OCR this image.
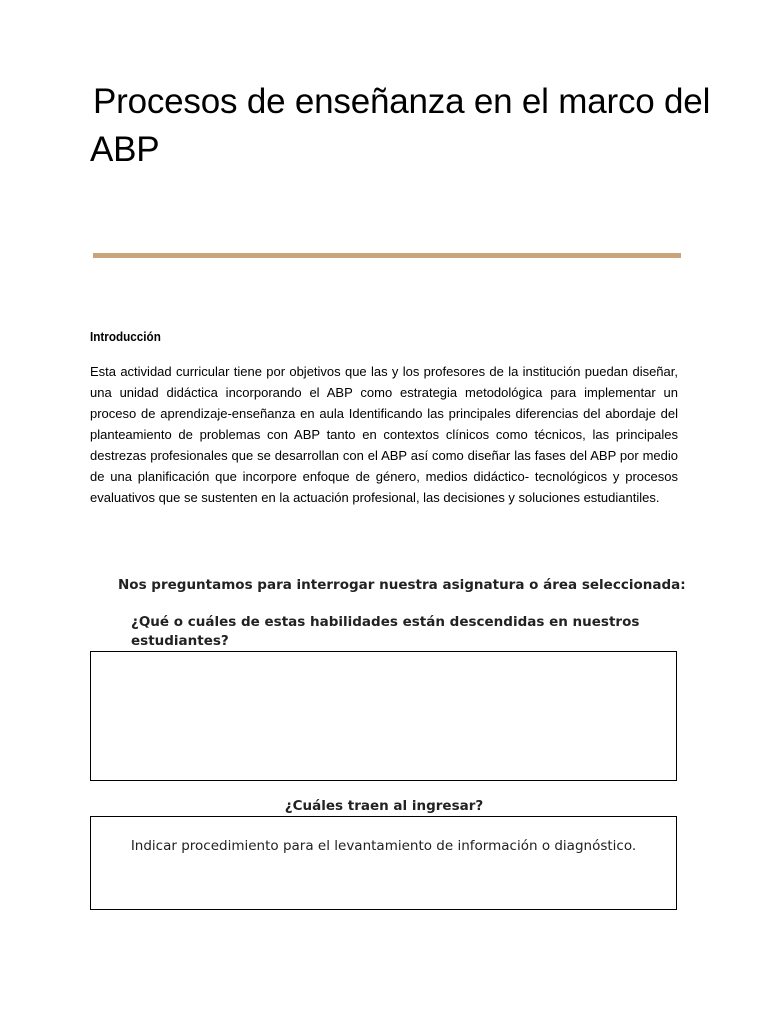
Procesos de enseñanza en el marco del ABP
Introducción

Esta actividad curricular tiene por objetivos que las y los profesores de la institución puedan diseñar, una unidad didáctica incorporando el ABP como estrategia metodológica para implementar un proceso de aprendizaje-enseñanza en aula Identificando las principales diferencias del abordaje del planteamiento de problemas con ABP tanto en contextos clínicos como técnicos, las principales destrezas profesionales que se desarrollan con el ABP así como diseñar las fases del ABP por medio de una planificación que incorpore enfoque de género, medios didáctico- tecnológicos y procesos evaluativos que se sustenten en la actuación profesional, las decisiones y soluciones estudiantiles.

Nos preguntamos para interrogar nuestra asignatura o área seleccionada:

¿Qué o cuáles de estas habilidades están descendidas en nuestros estudiantes?

¿Cuáles traen al ingresar?

Indicar procedimiento para el levantamiento de información o diagnóstico.
